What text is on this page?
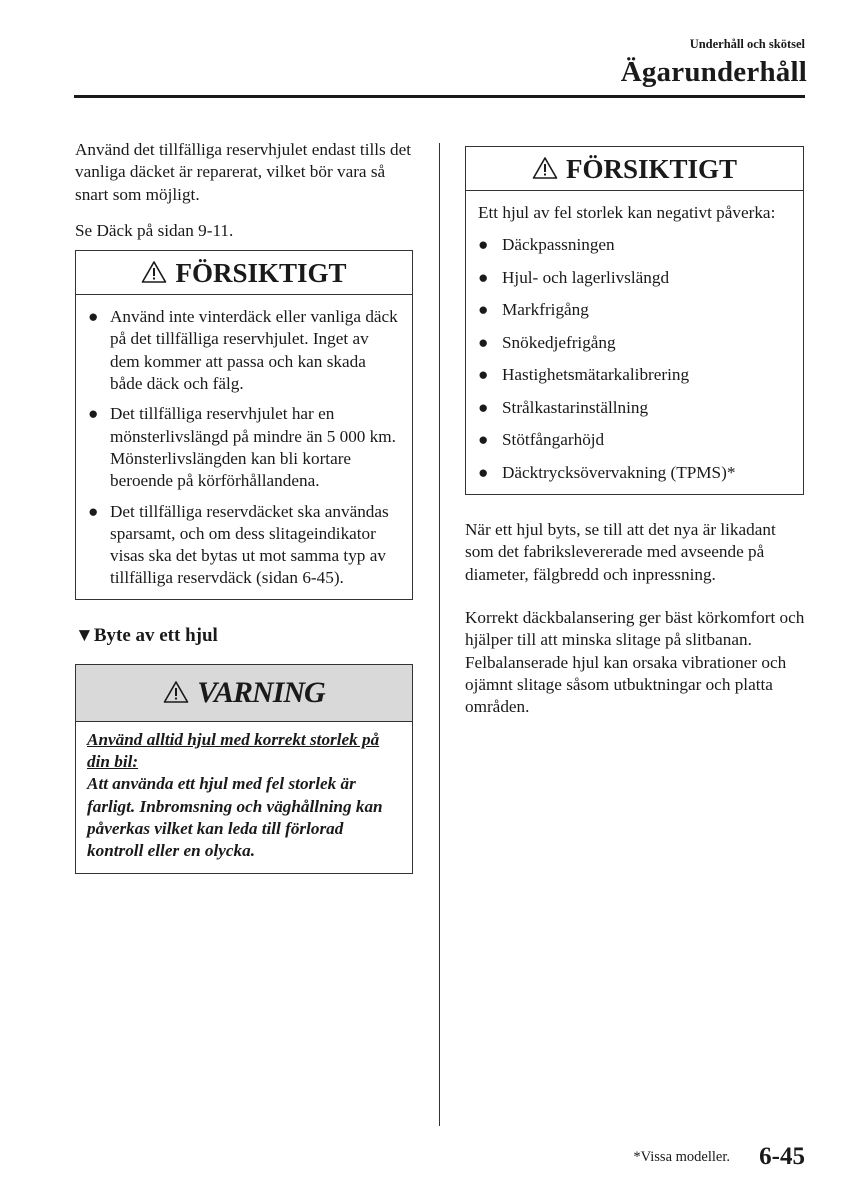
Underhåll och skötsel
Ägarunderhåll

Använd det tillfälliga reservhjulet endast tills det vanliga däcket är reparerat, vilket bör vara så snart som möjligt.

Se Däck på sidan 9-11.

FÖRSIKTIGT
● Använd inte vinterdäck eller vanliga däck på det tillfälliga reservhjulet. Inget av dem kommer att passa och kan skada både däck och fälg.
● Det tillfälliga reservhjulet har en mönsterlivslängd på mindre än 5 000 km. Mönsterlivslängden kan bli kortare beroende på körförhållandena.
● Det tillfälliga reservdäcket ska användas sparsamt, och om dess slitageindikator visas ska det bytas ut mot samma typ av tillfälliga reservdäck (sidan 6-45).

▼Byte av ett hjul

VARNING
Använd alltid hjul med korrekt storlek på din bil:
Att använda ett hjul med fel storlek är farligt. Inbromsning och väghållning kan påverkas vilket kan leda till förlorad kontroll eller en olycka.
FÖRSIKTIGT

Ett hjul av fel storlek kan negativt påverka:

● Däckpassningen
● Hjul- och lagerlivslängd
● Markfrigång
● Snökedjefrigång
● Hastighetsmätarkalibrering
● Strålkastarinställning
● Stötfångarhöjd
● Däcktrycksövervakning (TPMS)*

När ett hjul byts, se till att det nya är likadant som det fabrikslevererade med avseende på diameter, fälgbredd och inpressning.

Korrekt däckbalansering ger bäst körkomfort och hjälper till att minska slitage på slitbanan. Felbalanserade hjul kan orsaka vibrationer och ojämnt slitage såsom utbuktningar och platta områden.

*Vissa modeller. 6-45
